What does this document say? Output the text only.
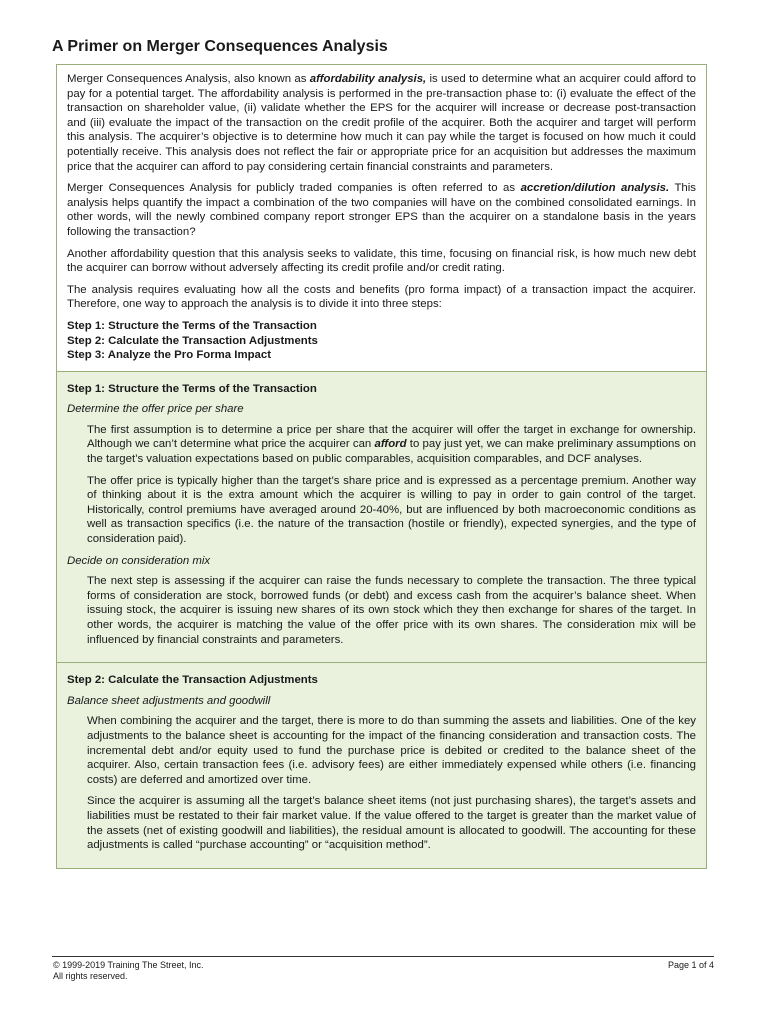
A Primer on Merger Consequences Analysis

Merger Consequences Analysis, also known as affordability analysis, is used to determine what an acquirer could afford to pay for a potential target. The affordability analysis is performed in the pre-transaction phase to: (i) evaluate the effect of the transaction on shareholder value, (ii) validate whether the EPS for the acquirer will increase or decrease post-transaction and (iii) evaluate the impact of the transaction on the credit profile of the acquirer. Both the acquirer and target will perform this analysis. The acquirer’s objective is to determine how much it can pay while the target is focused on how much it could potentially receive. This analysis does not reflect the fair or appropriate price for an acquisition but addresses the maximum price that the acquirer can afford to pay considering certain financial constraints and parameters.

Merger Consequences Analysis for publicly traded companies is often referred to as accretion/dilution analysis. This analysis helps quantify the impact a combination of the two companies will have on the combined consolidated earnings. In other words, will the newly combined company report stronger EPS than the acquirer on a standalone basis in the years following the transaction?

Another affordability question that this analysis seeks to validate, this time, focusing on financial risk, is how much new debt the acquirer can borrow without adversely affecting its credit profile and/or credit rating.

The analysis requires evaluating how all the costs and benefits (pro forma impact) of a transaction impact the acquirer. Therefore, one way to approach the analysis is to divide it into three steps:

Step 1: Structure the Terms of the Transaction
Step 2: Calculate the Transaction Adjustments
Step 3: Analyze the Pro Forma Impact
Step 1: Structure the Terms of the Transaction
Determine the offer price per share

The first assumption is to determine a price per share that the acquirer will offer the target in exchange for ownership. Although we can’t determine what price the acquirer can afford to pay just yet, we can make preliminary assumptions on the target’s valuation expectations based on public comparables, acquisition comparables, and DCF analyses.

The offer price is typically higher than the target’s share price and is expressed as a percentage premium. Another way of thinking about it is the extra amount which the acquirer is willing to pay in order to gain control of the target. Historically, control premiums have averaged around 20-40%, but are influenced by both macroeconomic conditions as well as transaction specifics (i.e. the nature of the transaction (hostile or friendly), expected synergies, and the type of consideration paid).

Decide on consideration mix

The next step is assessing if the acquirer can raise the funds necessary to complete the transaction. The three typical forms of consideration are stock, borrowed funds (or debt) and excess cash from the acquirer’s balance sheet. When issuing stock, the acquirer is issuing new shares of its own stock which they then exchange for shares of the target. In other words, the acquirer is matching the value of the offer price with its own shares. The consideration mix will be influenced by financial constraints and parameters.

Step 2: Calculate the Transaction Adjustments
Balance sheet adjustments and goodwill

When combining the acquirer and the target, there is more to do than summing the assets and liabilities. One of the key adjustments to the balance sheet is accounting for the impact of the financing consideration and transaction costs. The incremental debt and/or equity used to fund the purchase price is debited or credited to the balance sheet of the acquirer. Also, certain transaction fees (i.e. advisory fees) are either immediately expensed while others (i.e. financing costs) are deferred and amortized over time.

Since the acquirer is assuming all the target’s balance sheet items (not just purchasing shares), the target’s assets and liabilities must be restated to their fair market value. If the value offered to the target is greater than the market value of the assets (net of existing goodwill and liabilities), the residual amount is allocated to goodwill. The accounting for these adjustments is called “purchase accounting” or “acquisition method”.

© 1999-2019 Training The Street, Inc.
All rights reserved.
Page 1 of 4
